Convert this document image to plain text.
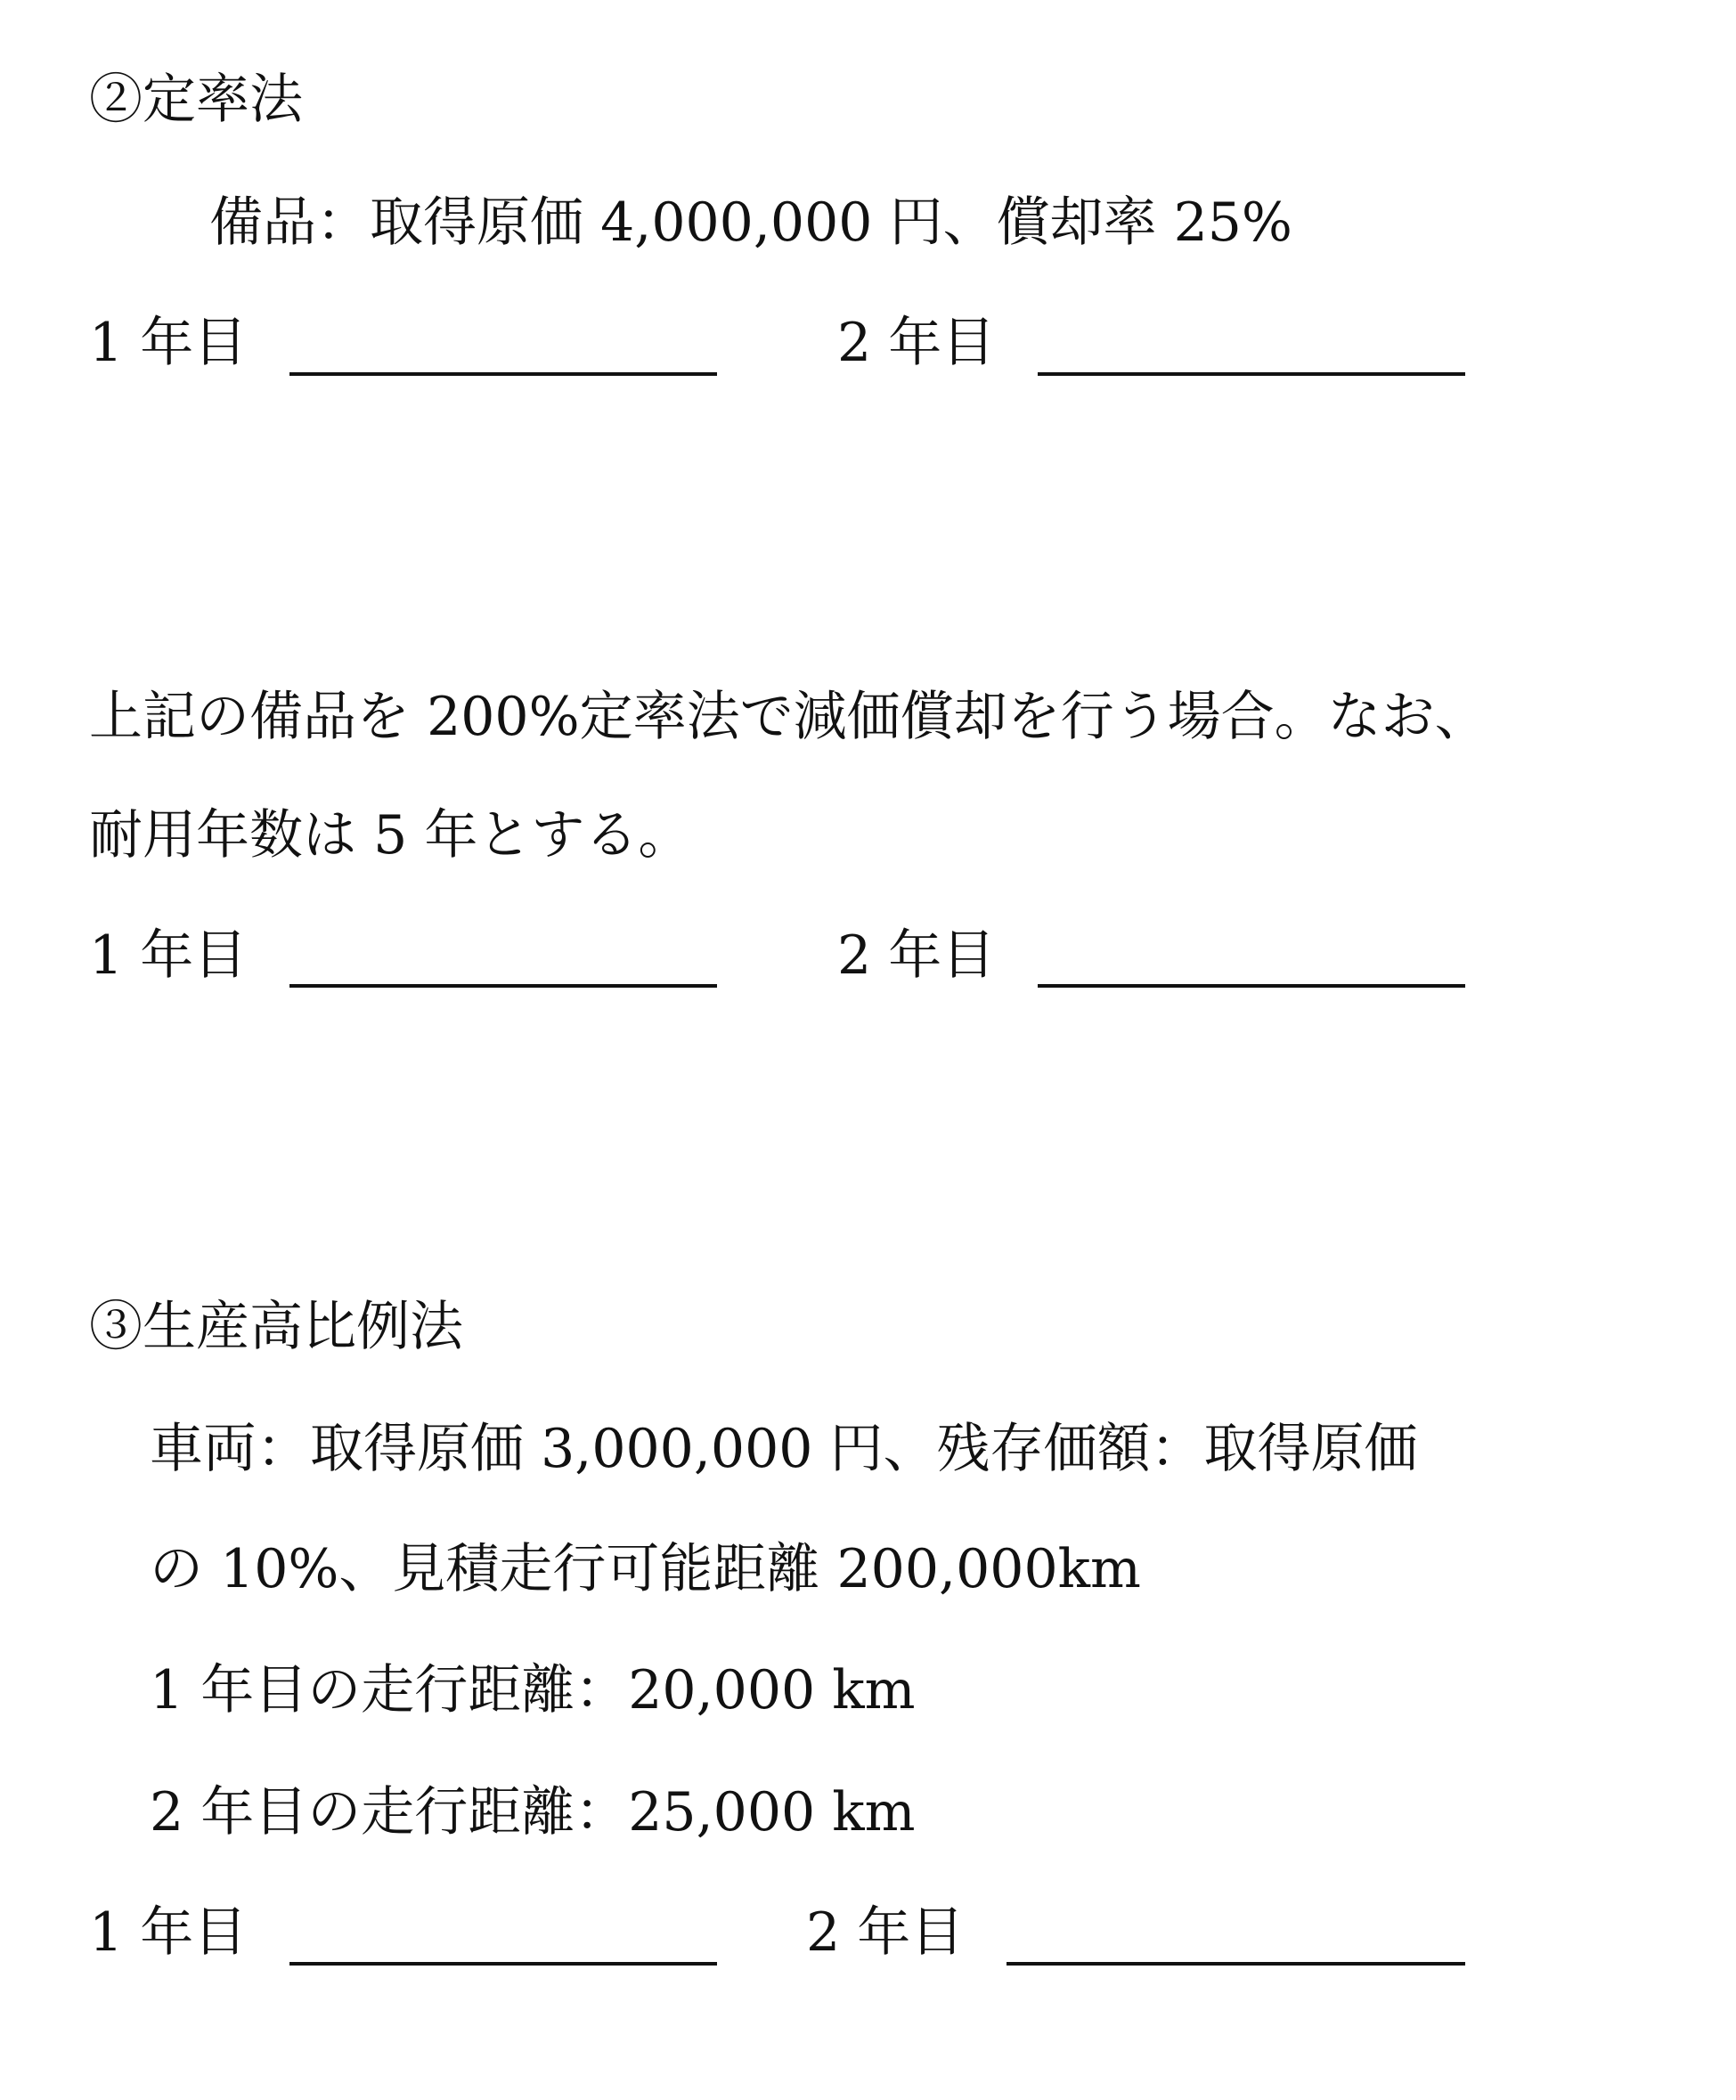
②定率法
備品：取得原価 4,000,000 円、償却率 25%
1 年目	2 年目
上記の備品を 200%定率法で減価償却を行う場合。なお、
耐用年数は 5 年とする。
1 年目	2 年目
③生産高比例法
車両：取得原価 3,000,000 円、残存価額：取得原価
の 10%、見積走行可能距離 200,000km
1 年目の走行距離：20,000 km
2 年目の走行距離：25,000 km
1 年目	2 年目
